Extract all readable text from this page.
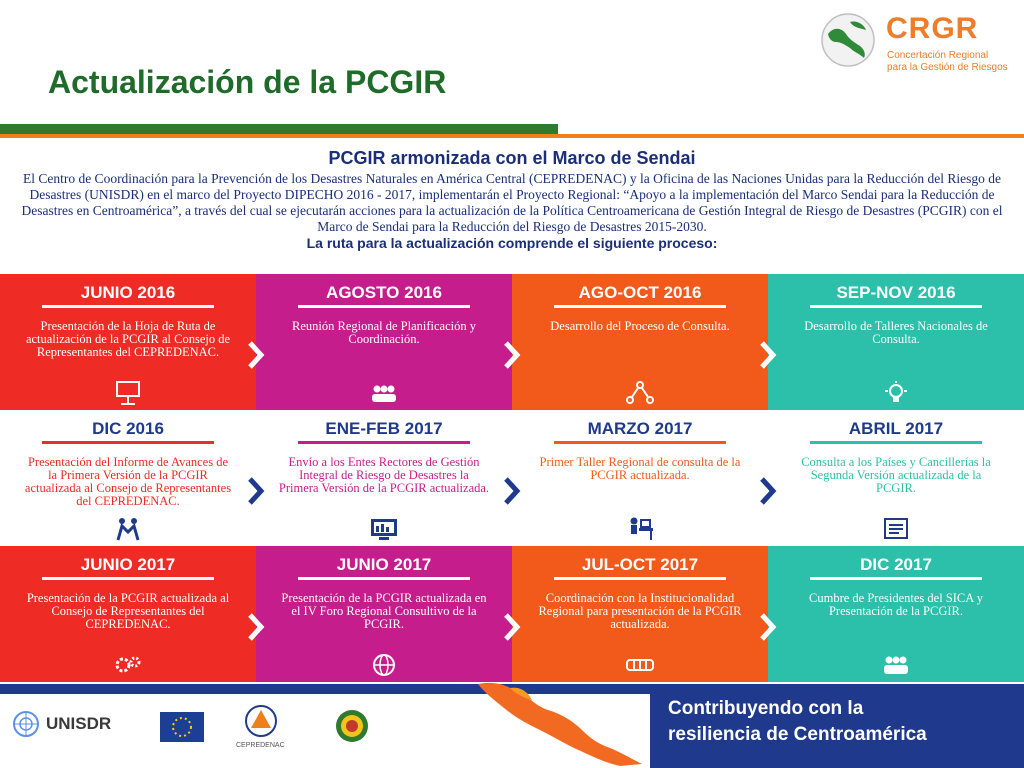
Actualización de la PCGIR
CRGR
Concertación Regional
para la Gestión de Riesgos
PCGIR armonizada con el Marco de Sendai
El Centro de Coordinación para la Prevención de los Desastres Naturales en América Central (CEPREDENAC) y la Oficina de las Naciones Unidas para la Reducción del Riesgo de Desastres (UNISDR) en el marco del Proyecto DIPECHO 2016 - 2017, implementarán el Proyecto Regional: “Apoyo a la implementación del Marco Sendai para la Reducción de Desastres en Centroamérica”, a través del cual se ejecutarán acciones para la actualización de la Política Centroamericana de Gestión Integral de Riesgo de Desastres (PCGIR) con el Marco de Sendai para la Reducción del Riesgo de Desastres 2015-2030.
La ruta para la actualización comprende el siguiente proceso:
JUNIO 2016
Presentación de la Hoja de Ruta de actualización de la PCGIR al Consejo de Representantes del CEPREDENAC.
AGOSTO 2016
Reunión Regional de Planificación y Coordinación.
AGO-OCT 2016
Desarrollo del Proceso de Consulta.
SEP-NOV 2016
Desarrollo de Talleres Nacionales de Consulta.
DIC 2016
Presentación del Informe de Avances de la Primera Versión de la PCGIR actualizada al Consejo de Representantes del CEPREDENAC.
ENE-FEB 2017
Envío a los Entes Rectores de Gestión Integral de Riesgo de Desastres la Primera Versión de la PCGIR actualizada.
MARZO 2017
Primer Taller Regional de consulta de la PCGIR actualizada.
ABRIL 2017
Consulta a los Países y Cancillerías la Segunda Versión actualizada de la PCGIR.
JUNIO 2017
Presentación de la PCGIR actualizada al Consejo de Representantes del CEPREDENAC.
JUNIO 2017
Presentación de la PCGIR actualizada en el IV Foro Regional Consultivo de la PCGIR.
JUL-OCT 2017
Coordinación con la Institucionalidad Regional para presentación de la PCGIR actualizada.
DIC 2017
Cumbre de Presidentes del SICA y Presentación de la PCGIR.
UNISDR
CEPREDENAC
Contribuyendo con la
resiliencia de Centroamérica
